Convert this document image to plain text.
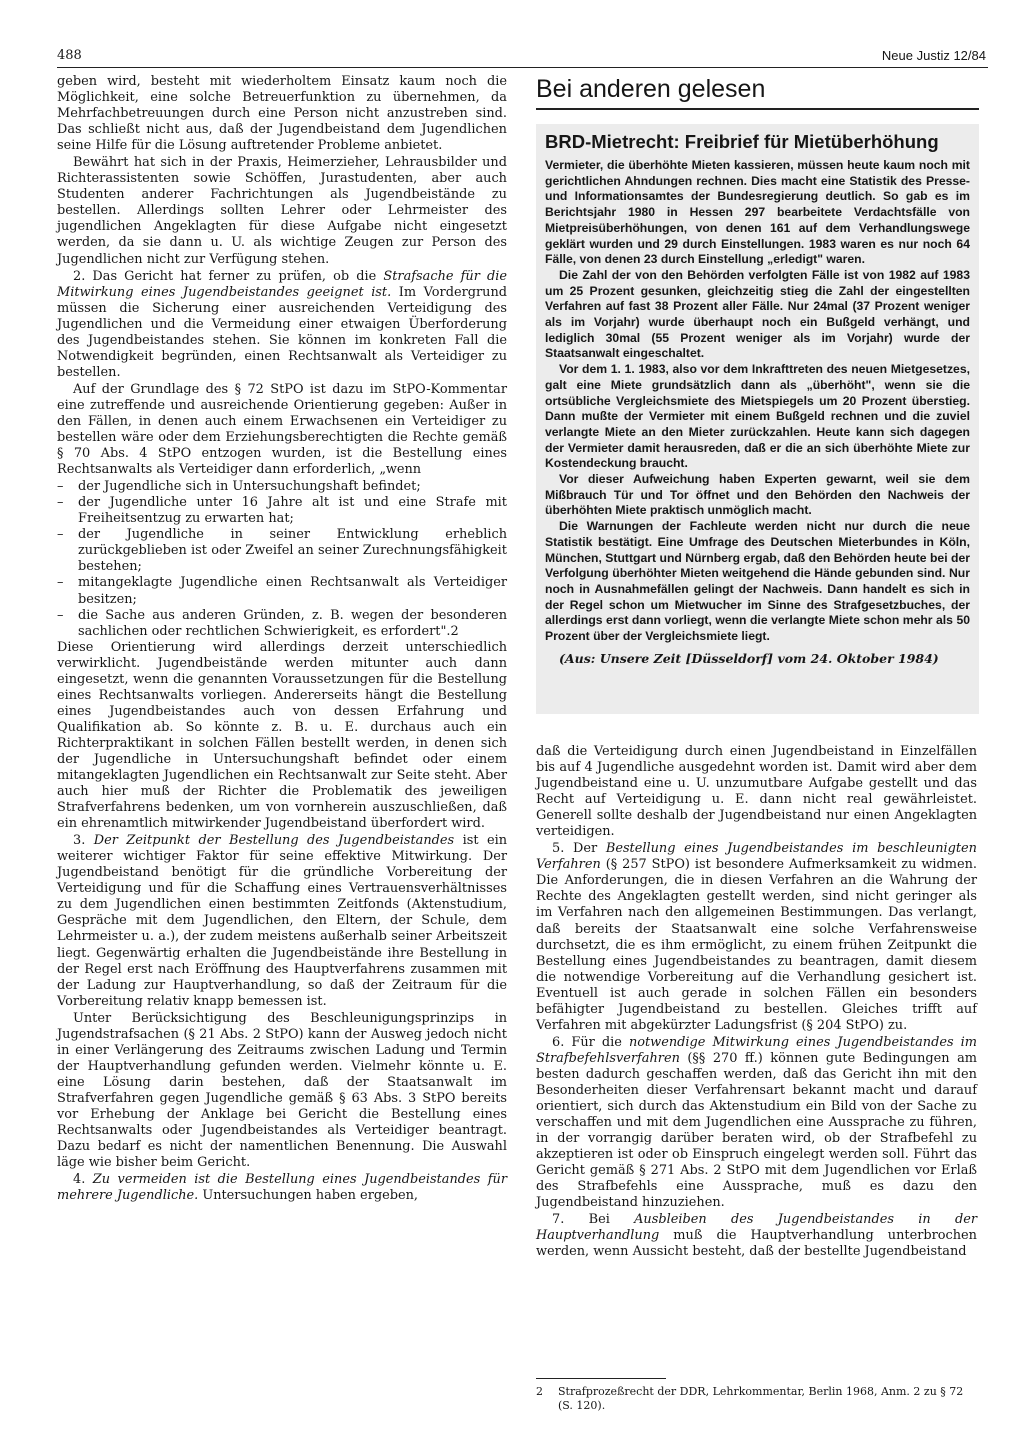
488	Neue Justiz 12/84

geben wird, besteht mit wiederholtem Einsatz kaum noch die Möglichkeit, eine solche Betreuerfunktion zu übernehmen, da Mehrfachbetreuungen durch eine Person nicht anzustreben sind. Das schließt nicht aus, daß der Jugendbeistand dem Jugendlichen seine Hilfe für die Lösung auftretender Probleme anbietet.

Bewährt hat sich in der Praxis, Heimerzieher, Lehrausbilder und Richterassistenten sowie Schöffen, Jurastudenten, aber auch Studenten anderer Fachrichtungen als Jugendbeistände zu bestellen. Allerdings sollten Lehrer oder Lehrmeister des jugendlichen Angeklagten für diese Aufgabe nicht eingesetzt werden, da sie dann u. U. als wichtige Zeugen zur Person des Jugendlichen nicht zur Verfügung stehen.

2. Das Gericht hat ferner zu prüfen, ob die Strafsache für die Mitwirkung eines Jugendbeistandes geeignet ist. Im Vordergrund müssen die Sicherung einer ausreichenden Verteidigung des Jugendlichen und die Vermeidung einer etwaigen Überforderung des Jugendbeistandes stehen. Sie können im konkreten Fall die Notwendigkeit begründen, einen Rechtsanwalt als Verteidiger zu bestellen.

Auf der Grundlage des § 72 StPO ist dazu im StPO-Kommentar eine zutreffende und ausreichende Orientierung gegeben: Außer in den Fällen, in denen auch einem Erwachsenen ein Verteidiger zu bestellen wäre oder dem Erziehungsberechtigten die Rechte gemäß § 70 Abs. 4 StPO entzogen wurden, ist die Bestellung eines Rechtsanwalts als Verteidiger dann erforderlich, „wenn

– der Jugendliche sich in Untersuchungshaft befindet;
– der Jugendliche unter 16 Jahre alt ist und eine Strafe mit Freiheitsentzug zu erwarten hat;
– der Jugendliche in seiner Entwicklung erheblich zurückgeblieben ist oder Zweifel an seiner Zurechnungsfähigkeit bestehen;
– mitangeklagte Jugendliche einen Rechtsanwalt als Verteidiger besitzen;
– die Sache aus anderen Gründen, z. B. wegen der besonderen sachlichen oder rechtlichen Schwierigkeit, es erfordert".2

Diese Orientierung wird allerdings derzeit unterschiedlich verwirklicht. Jugendbeistände werden mitunter auch dann eingesetzt, wenn die genannten Voraussetzungen für die Bestellung eines Rechtsanwalts vorliegen. Andererseits hängt die Bestellung eines Jugendbeistandes auch von dessen Erfahrung und Qualifikation ab. So könnte z. B. u. E. durchaus auch ein Richterpraktikant in solchen Fällen bestellt werden, in denen sich der Jugendliche in Untersuchungshaft befindet oder einem mitangeklagten Jugendlichen ein Rechtsanwalt zur Seite steht. Aber auch hier muß der Richter die Problematik des jeweiligen Strafverfahrens bedenken, um von vornherein auszuschließen, daß ein ehrenamtlich mitwirkender Jugendbeistand überfordert wird.

3. Der Zeitpunkt der Bestellung des Jugendbeistandes ist ein weiterer wichtiger Faktor für seine effektive Mitwirkung. Der Jugendbeistand benötigt für die gründliche Vorbereitung der Verteidigung und für die Schaffung eines Vertrauensverhältnisses zu dem Jugendlichen einen bestimmten Zeitfonds (Aktenstudium, Gespräche mit dem Jugendlichen, den Eltern, der Schule, dem Lehrmeister u. a.), der zudem meistens außerhalb seiner Arbeitszeit liegt. Gegenwärtig erhalten die Jugendbeistände ihre Bestellung in der Regel erst nach Eröffnung des Hauptverfahrens zusammen mit der Ladung zur Hauptverhandlung, so daß der Zeitraum für die Vorbereitung relativ knapp bemessen ist.

Unter Berücksichtigung des Beschleunigungsprinzips in Jugendstrafsachen (§ 21 Abs. 2 StPO) kann der Ausweg jedoch nicht in einer Verlängerung des Zeitraums zwischen Ladung und Termin der Hauptverhandlung gefunden werden. Vielmehr könnte u. E. eine Lösung darin bestehen, daß der Staatsanwalt im Strafverfahren gegen Jugendliche gemäß § 63 Abs. 3 StPO bereits vor Erhebung der Anklage bei Gericht die Bestellung eines Rechtsanwalts oder Jugendbeistandes als Verteidiger beantragt. Dazu bedarf es nicht der namentlichen Benennung. Die Auswahl läge wie bisher beim Gericht.

4. Zu vermeiden ist die Bestellung eines Jugendbeistandes für mehrere Jugendliche. Untersuchungen haben ergeben,

Bei anderen gelesen
BRD-Mietrecht: Freibrief für Mietüberhöhung

Vermieter, die überhöhte Mieten kassieren, müssen heute kaum noch mit gerichtlichen Ahndungen rechnen. Dies macht eine Statistik des Presse- und Informationsamtes der Bundesregierung deutlich. So gab es im Berichtsjahr 1980 in Hessen 297 bearbeitete Verdachtsfälle von Mietpreisüberhöhungen, von denen 161 auf dem Verhandlungswege geklärt wurden und 29 durch Einstellungen. 1983 waren es nur noch 64 Fälle, von denen 23 durch Einstellung „erledigt" waren.

Die Zahl der von den Behörden verfolgten Fälle ist von 1982 auf 1983 um 25 Prozent gesunken, gleichzeitig stieg die Zahl der eingestellten Verfahren auf fast 38 Prozent aller Fälle. Nur 24mal (37 Prozent weniger als im Vorjahr) wurde überhaupt noch ein Bußgeld verhängt, und lediglich 30mal (55 Prozent weniger als im Vorjahr) wurde der Staatsanwalt eingeschaltet.

Vor dem 1. 1. 1983, also vor dem Inkrafttreten des neuen Mietgesetzes, galt eine Miete grundsätzlich dann als „überhöht", wenn sie die ortsübliche Vergleichsmiete des Mietspiegels um 20 Prozent überstieg. Dann mußte der Vermieter mit einem Bußgeld rechnen und die zuviel verlangte Miete an den Mieter zurückzahlen. Heute kann sich dagegen der Vermieter damit herausreden, daß er die an sich überhöhte Miete zur Kostendeckung braucht.

Vor dieser Aufweichung haben Experten gewarnt, weil sie dem Mißbrauch Tür und Tor öffnet und den Behörden den Nachweis der überhöhten Miete praktisch unmöglich macht.

Die Warnungen der Fachleute werden nicht nur durch die neue Statistik bestätigt. Eine Umfrage des Deutschen Mieterbundes in Köln, München, Stuttgart und Nürnberg ergab, daß den Behörden heute bei der Verfolgung überhöhter Mieten weitgehend die Hände gebunden sind. Nur noch in Ausnahmefällen gelingt der Nachweis. Dann handelt es sich in der Regel schon um Mietwucher im Sinne des Strafgesetzbuches, der allerdings erst dann vorliegt, wenn die verlangte Miete schon mehr als 50 Prozent über der Vergleichsmiete liegt.

(Aus: Unsere Zeit [Düsseldorf] vom 24. Oktober 1984)

daß die Verteidigung durch einen Jugendbeistand in Einzelfällen bis auf 4 Jugendliche ausgedehnt worden ist. Damit wird aber dem Jugendbeistand eine u. U. unzumutbare Aufgabe gestellt und das Recht auf Verteidigung u. E. dann nicht real gewährleistet. Generell sollte deshalb der Jugendbeistand nur einen Angeklagten verteidigen.

5. Der Bestellung eines Jugendbeistandes im beschleunigten Verfahren (§ 257 StPO) ist besondere Aufmerksamkeit zu widmen. Die Anforderungen, die in diesen Verfahren an die Wahrung der Rechte des Angeklagten gestellt werden, sind nicht geringer als im Verfahren nach den allgemeinen Bestimmungen. Das verlangt, daß bereits der Staatsanwalt eine solche Verfahrensweise durchsetzt, die es ihm ermöglicht, zu einem frühen Zeitpunkt die Bestellung eines Jugendbeistandes zu beantragen, damit diesem die notwendige Vorbereitung auf die Verhandlung gesichert ist. Eventuell ist auch gerade in solchen Fällen ein besonders befähigter Jugendbeistand zu bestellen. Gleiches trifft auf Verfahren mit abgekürzter Ladungsfrist (§ 204 StPO) zu.

6. Für die notwendige Mitwirkung eines Jugendbeistandes im Strafbefehlsverfahren (§§ 270 ff.) können gute Bedingungen am besten dadurch geschaffen werden, daß das Gericht ihn mit den Besonderheiten dieser Verfahrensart bekannt macht und darauf orientiert, sich durch das Aktenstudium ein Bild von der Sache zu verschaffen und mit dem Jugendlichen eine Aussprache zu führen, in der vorrangig darüber beraten wird, ob der Strafbefehl zu akzeptieren ist oder ob Einspruch eingelegt werden soll. Führt das Gericht gemäß § 271 Abs. 2 StPO mit dem Jugendlichen vor Erlaß des Strafbefehls eine Aussprache, muß es dazu den Jugendbeistand hinzuziehen.

7. Bei Ausbleiben des Jugendbeistandes in der Hauptverhandlung muß die Hauptverhandlung unterbrochen werden, wenn Aussicht besteht, daß der bestellte Jugendbeistand

2 Strafprozeßrecht der DDR, Lehrkommentar, Berlin 1968, Anm. 2 zu § 72 (S. 120).
